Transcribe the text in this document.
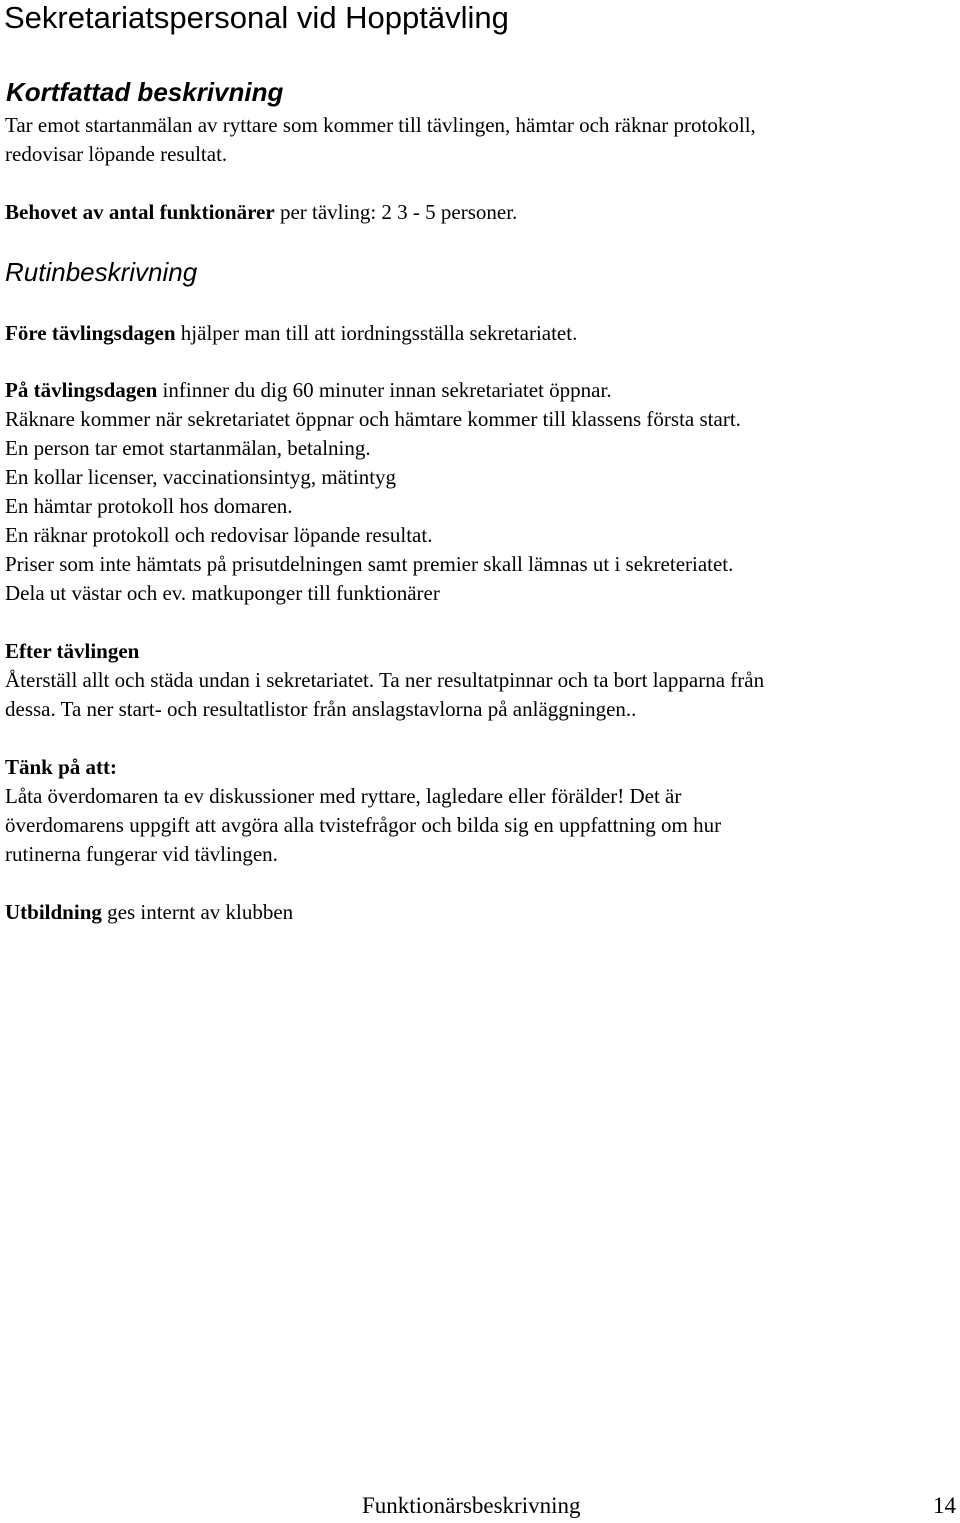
Sekretariatspersonal vid Hopptävling
Kortfattad beskrivning
Tar emot startanmälan av ryttare som kommer till tävlingen, hämtar och räknar protokoll,
redovisar löpande resultat.
Behovet av antal funktionärer per tävling: 2 3 - 5 personer.
Rutinbeskrivning
Före tävlingsdagen hjälper man till att iordningsställa sekretariatet.
På tävlingsdagen infinner du dig 60 minuter innan sekretariatet öppnar.
Räknare kommer när sekretariatet öppnar och hämtare kommer till klassens första start.
En person tar emot startanmälan, betalning.
En kollar licenser, vaccinationsintyg, mätintyg
En hämtar protokoll hos domaren.
En räknar protokoll och redovisar löpande resultat.
Priser som inte hämtats på prisutdelningen samt premier skall lämnas ut i sekreteriatet.
Dela ut västar och ev. matkuponger till funktionärer
Efter tävlingen
Återställ allt och städa undan i sekretariatet. Ta ner resultatpinnar och ta bort lapparna från
dessa. Ta ner start- och resultatlistor från anslagstavlorna på anläggningen..
Tänk på att:
Låta överdomaren ta ev diskussioner med ryttare, lagledare eller förälder! Det är
överdomarens uppgift att avgöra alla tvistefrågor och bilda sig en uppfattning om hur
rutinerna fungerar vid tävlingen.
Utbildning ges internt av klubben
Funktionärsbeskrivning	14
